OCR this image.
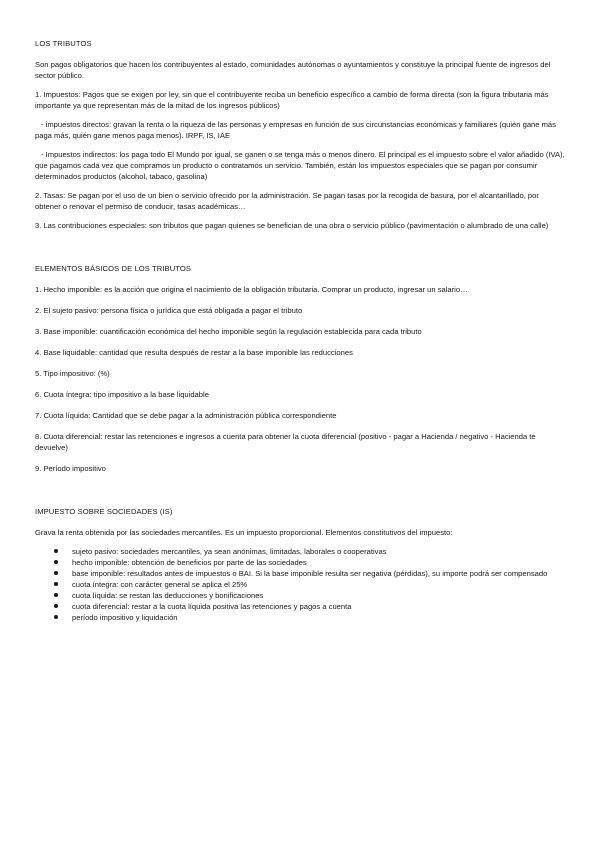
LOS TRIBUTOS

Son pagos obligatorios que hacen los contribuyentes al estado, comunidades autónomas o ayuntamientos y constituye la principal fuente de ingresos del sector público.

1. Impuestos: Pagos que se exigen por ley, sin que el contribuyente reciba un beneficio específico a cambio de forma directa (son la figura tributaria más importante ya que representan más de la mitad de los ingresos públicos)

- impuestos directos: gravan la renta o la riqueza de las personas y empresas en función de sus circunstancias económicas y familiares (quién gane más paga más, quién gane menos paga menos). IRPF, IS, IAE

- Impuestos indirectos: los paga todo El Mundo por igual, se ganen o se tenga más o menos dinero. El principal es el impuesto sobre el valor añadido (IVA), que pagamos cada vez que compramos un producto o contratamos un servicio. También, están los impuestos especiales que se pagan por consumir determinados productos (alcohol, tabaco, gasolina)

2. Tasas: Se pagan por el uso de un bien o servicio ofrecido por la administración. Se pagan tasas por la recogida de basura, por el alcantarillado, por obtener o renovar el permiso de conducir, tasas académicas…

3. Las contribuciones especiales: son tributos que pagan quienes se benefician de una obra o servicio público (pavimentación o alumbrado de una calle)

ELEMENTOS BÁSICOS DE LOS TRIBUTOS

1. Hecho imponible: es la acción que origina el nacimiento de la obligación tributaria. Comprar un producto, ingresar un salario…

2. El sujeto pasivo: persona física o jurídica que está obligada a pagar el tributo

3. Base imponible: cuantificación económica del hecho imponible según la regulación establecida para cada tributo

4. Base liquidable: cantidad que resulta después de restar a la base imponible las reducciones

5. Tipo impositivo: (%)

6. Cuota íntegra: tipo impositivo a la base liquidable

7. Cuota líquida: Cantidad que se debe pagar a la administración pública correspondiente

8. Cuota diferencial: restar las retenciones e ingresos a cuenta para obtener la cuota diferencial (positivo - pagar a Hacienda / negativo - Hacienda te devuelve)

9. Período impositivo

IMPUESTO SOBRE SOCIEDADES (IS)

Grava la renta obtenida por las sociedades mercantiles. Es un impuesto proporcional. Elementos constitutivos del impuesto:

sujeto pasivo: sociedades mercantiles, ya sean anónimas, limitadas, laborales o cooperativas
hecho imponible: obtención de beneficios por parte de las sociedades
base imponible: resultados antes de impuestos o BAI. Si la base imponible resulta ser negativa (pérdidas), su importe podrá ser compensado
cuota íntegra: con carácter general se aplica el 25%
cuota líquida: se restan las deducciones y bonificaciones
cuota diferencial: restar a la cuota líquida positiva las retenciones y pagos a cuenta
período impositivo y liquidación
